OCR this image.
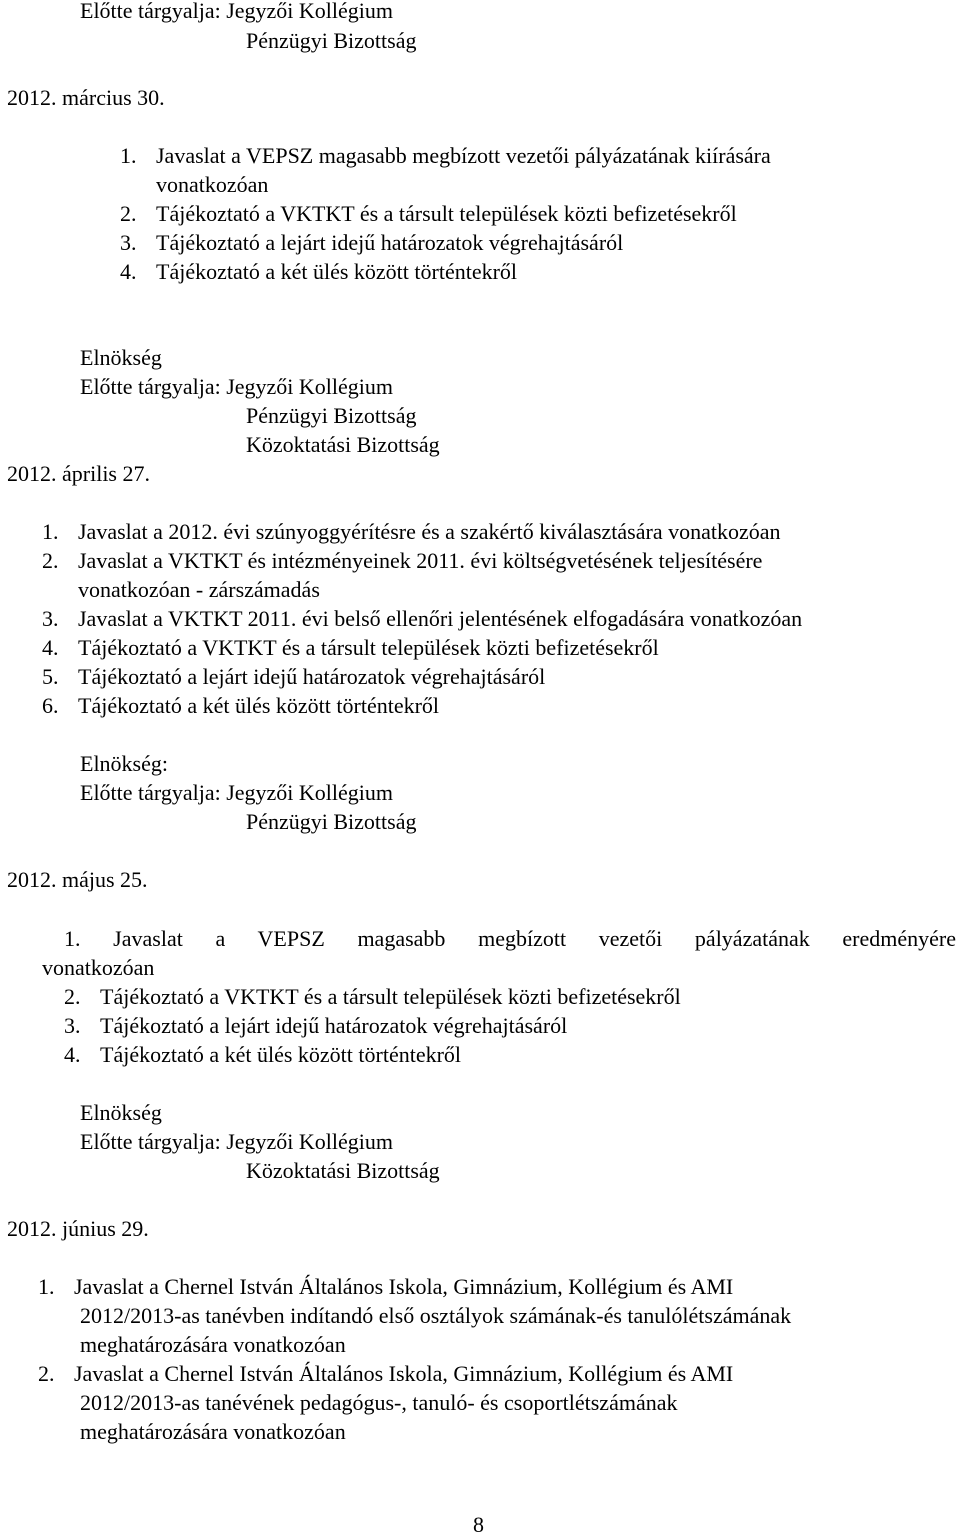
Előtte tárgyalja: Jegyzői Kollégium
Pénzügyi Bizottság
2012. március 30.
1. Javaslat a VEPSZ magasabb megbízott vezetői pályázatának kiírására
vonatkozóan
2. Tájékoztató a VKTKT és a társult települések közti befizetésekről
3. Tájékoztató a lejárt idejű határozatok végrehajtásáról
4. Tájékoztató a két ülés között történtekről
Elnökség
Előtte tárgyalja: Jegyzői Kollégium
Pénzügyi Bizottság
Közoktatási Bizottság
2012. április 27.
1. Javaslat a 2012. évi szúnyoggyérítésre és a szakértő kiválasztására vonatkozóan
2. Javaslat a VKTKT és intézményeinek 2011. évi költségvetésének teljesítésére
vonatkozóan - zárszámadás
3. Javaslat a VKTKT 2011. évi belső ellenőri jelentésének elfogadására vonatkozóan
4. Tájékoztató a VKTKT és a társult települések közti befizetésekről
5. Tájékoztató a lejárt idejű határozatok végrehajtásáról
6. Tájékoztató a két ülés között történtekről
Elnökség:
Előtte tárgyalja: Jegyzői Kollégium
Pénzügyi Bizottság
2012. május 25.
1. Javaslat a VEPSZ magasabb megbízott vezetői pályázatának eredményére
vonatkozóan
2. Tájékoztató a VKTKT és a társult települések közti befizetésekről
3. Tájékoztató a lejárt idejű határozatok végrehajtásáról
4. Tájékoztató a két ülés között történtekről
Elnökség
Előtte tárgyalja: Jegyzői Kollégium
Közoktatási Bizottság
2012. június 29.
1. Javaslat a Chernel István Általános Iskola, Gimnázium, Kollégium és AMI
2012/2013-as tanévben indítandó első osztályok számának-és tanulólétszámának
meghatározására vonatkozóan
2. Javaslat a Chernel István Általános Iskola, Gimnázium, Kollégium és AMI
2012/2013-as tanévének pedagógus-, tanuló- és csoportlétszámának
meghatározására vonatkozóan
8
